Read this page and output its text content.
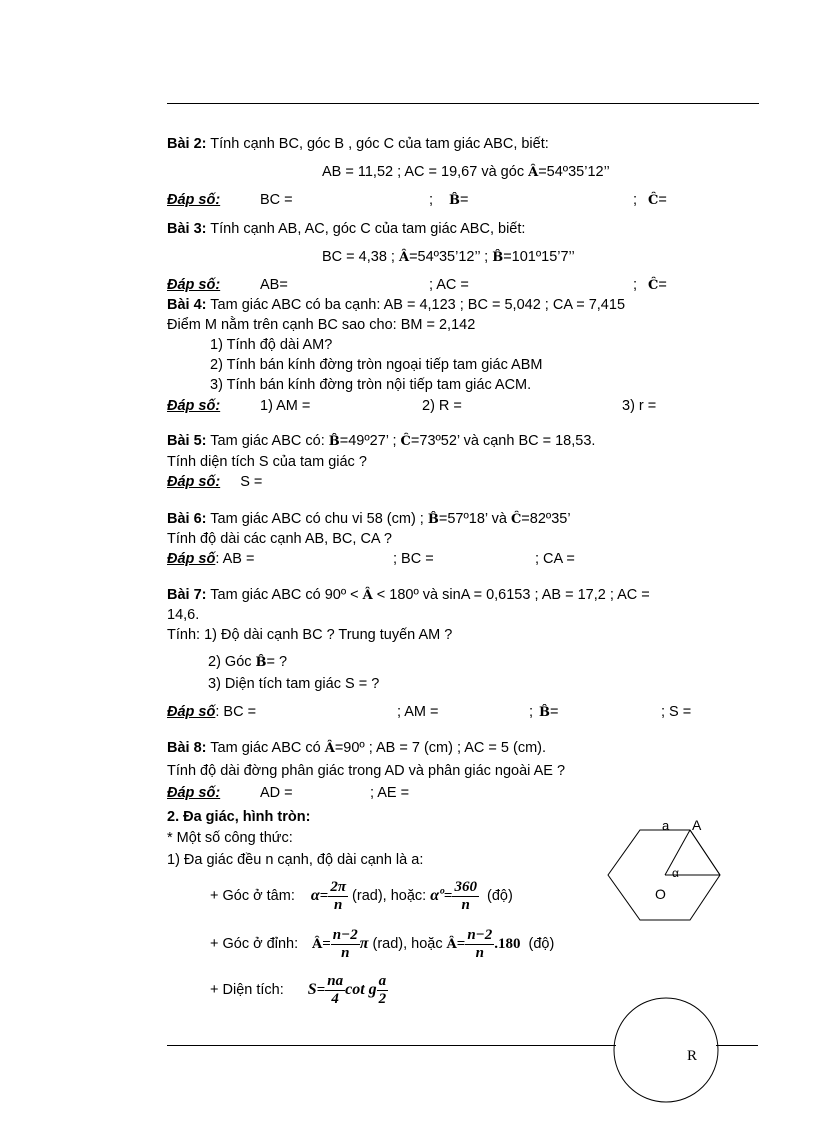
Bài 2: Tính cạnh BC, góc B , góc C của tam giác ABC, biết:
AB = 11,52 ; AC = 19,67 và góc Â=54º35’12’’
Đáp số:	BC =	; B̂=	; Ĉ=
Bài 3: Tính cạnh AB, AC, góc C của tam giác ABC, biết:
BC = 4,38 ; Â=54º35’12’’ ; B̂=101º15’7’’
Đáp số:	AB=	; AC =	; Ĉ=
Bài 4: Tam giác ABC có ba cạnh: AB = 4,123 ; BC = 5,042 ; CA = 7,415
Điểm M nằm trên cạnh BC sao cho: BM = 2,142
1) Tính độ dài AM?
2) Tính bán kính đờng tròn ngoại tiếp tam giác ABM
3) Tính bán kính đờng tròn nội tiếp tam giác ACM.
Đáp số:	1) AM =	2) R =	3) r =
Bài 5: Tam giác ABC có: B̂=49º27’ ; Ĉ=73º52’ và cạnh BC = 18,53.
Tính diện tích S của tam giác ?
Đáp số: S =
Bài 6: Tam giác ABC có chu vi 58 (cm) ; B̂=57º18’ và Ĉ=82º35’
Tính độ dài các cạnh AB, BC, CA ?
Đáp số: AB =	; BC =	; CA =
Bài 7: Tam giác ABC có 90º < Â < 180º và sinA = 0,6153 ; AB = 17,2 ; AC =
14,6.
Tính: 1) Độ dài cạnh BC ? Trung tuyến AM ?
2) Góc B̂= ?
3) Diện tích tam giác S = ?
Đáp số: BC =	; AM =	; B̂=	; S =
Bài 8: Tam giác ABC có Â=90º ; AB = 7 (cm) ; AC = 5 (cm).
Tính độ dài đờng phân giác trong AD và phân giác ngoài AE ?
Đáp số:	AD =	; AE =
2. Đa giác, hình tròn:
* Một số công thức:
1) Đa giác đều n cạnh, độ dài cạnh là a:
+ Góc ở tâm: $\alpha= \frac{2\pi}{n} (rad)$, hoặc: αº= $\frac{360}{n}$ (độ)
+ Góc ở đỉnh: Â= $\frac{n-2}{n}$ π (rad), hoặc Â= $\frac{n-2}{n} .180$ (độ)
+ Diện tích: $S= \frac{na}{4}$ cot g $\frac{a}{2}$
a A
α
O
R
